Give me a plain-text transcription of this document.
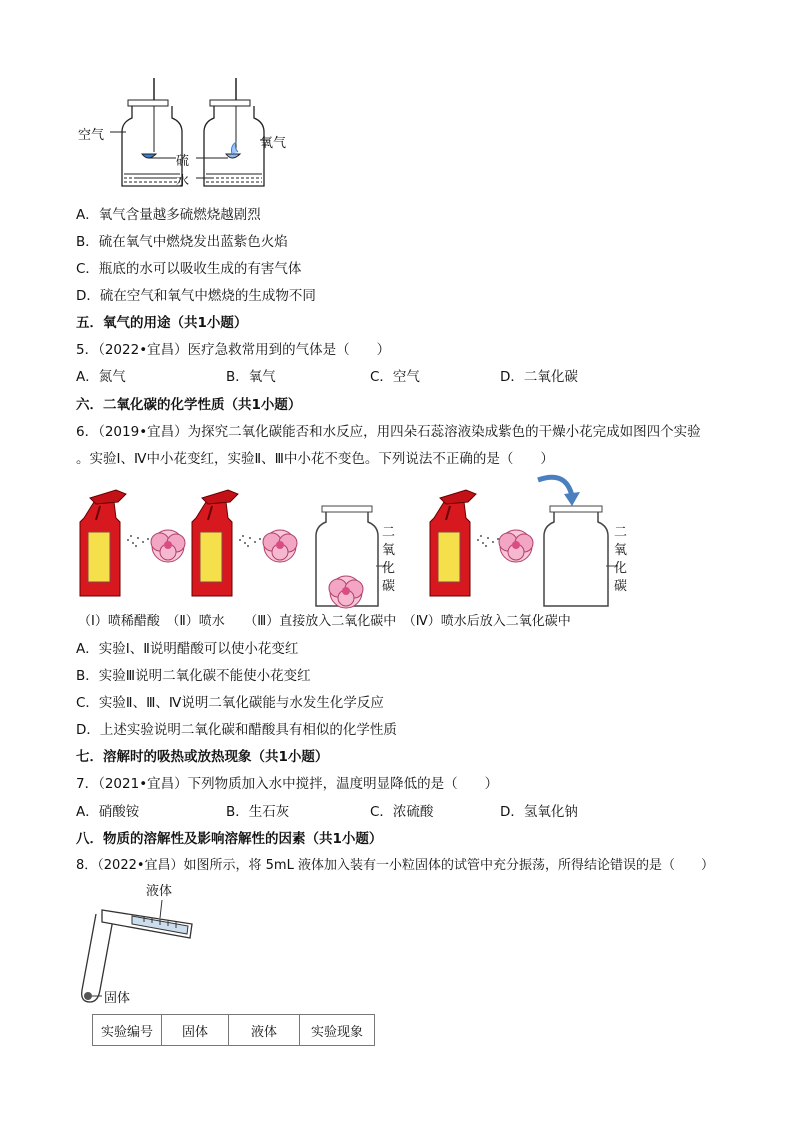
空气
硫
水
氧气
A．氧气含量越多硫燃烧越剧烈
B．硫在氧气中燃烧发出蓝紫色火焰
C．瓶底的水可以吸收生成的有害气体
D．硫在空气和氧气中燃烧的生成物不同
五．氧气的用途（共1小题）
5．（2022•宜昌）医疗急救常用到的气体是（　　）
A．氮气	B．氧气	C．空气	D．二氧化碳
六．二氧化碳的化学性质（共1小题）
6．（2019•宜昌）为探究二氧化碳能否和水反应，用四朵石蕊溶液染成紫色的干燥小花完成如图四个实验
。实验Ⅰ、Ⅳ中小花变红，实验Ⅱ、Ⅲ中小花不变色。下列说法不正确的是（　　）
二
氧
化
碳
二
氧
化
碳
（Ⅰ）喷稀醋酸　（Ⅱ）喷水　　（Ⅲ）直接放入二氧化碳中　（Ⅳ）喷水后放入二氧化碳中
A．实验Ⅰ、Ⅱ说明醋酸可以使小花变红
B．实验Ⅲ说明二氧化碳不能使小花变红
C．实验Ⅱ、Ⅲ、Ⅳ说明二氧化碳能与水发生化学反应
D．上述实验说明二氧化碳和醋酸具有相似的化学性质
七．溶解时的吸热或放热现象（共1小题）
7．（2021•宜昌）下列物质加入水中搅拌，温度明显降低的是（　　）
A．硝酸铵	B．生石灰	C．浓硫酸	D．氢氧化钠
八．物质的溶解性及影响溶解性的因素（共1小题）
8．（2022•宜昌）如图所示，将 5mL 液体加入装有一小粒固体的试管中充分振荡，所得结论错误的是（　　）
液体
固体
实验编号	固体	液体	实验现象
